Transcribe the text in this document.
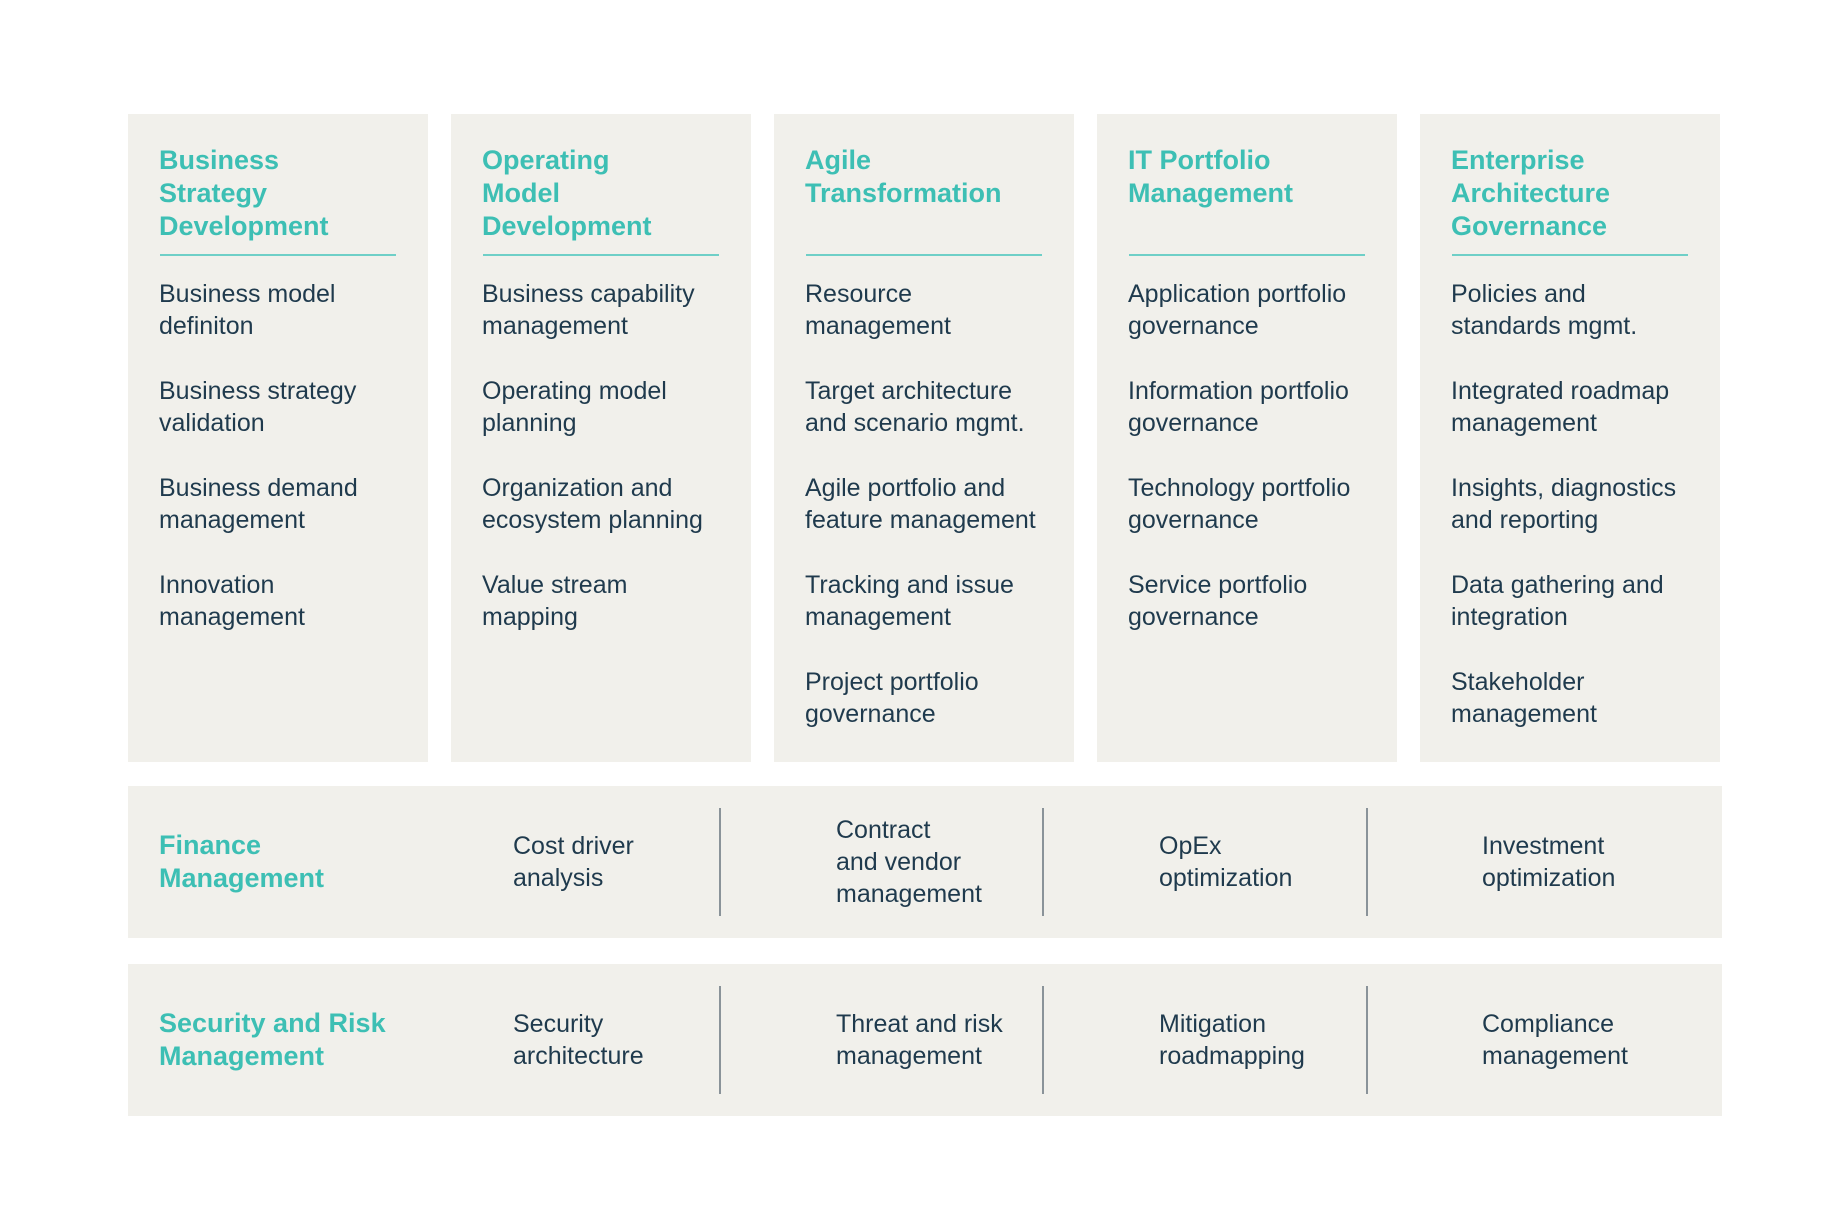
Business
Strategy
Development
Business model
definiton
Business strategy
validation
Business demand
management
Innovation
management
Operating
Model
Development
Business capability
management
Operating model
planning
Organization and
ecosystem planning
Value stream
mapping
Agile
Transformation
Resource
management
Target architecture
and scenario mgmt.
Agile portfolio and
feature management
Tracking and issue
management
Project portfolio
governance
IT Portfolio
Management
Application portfolio
governance
Information portfolio
governance
Technology portfolio
governance
Service portfolio
governance
Enterprise
Architecture
Governance
Policies and
standards mgmt.
Integrated roadmap
management
Insights, diagnostics
and reporting
Data gathering and
integration
Stakeholder
management
Finance
Management
Cost driver
analysis
Contract
and vendor
management
OpEx
optimization
Investment
optimization
Security and Risk
Management
Security
architecture
Threat and risk
management
Mitigation
roadmapping
Compliance
management
